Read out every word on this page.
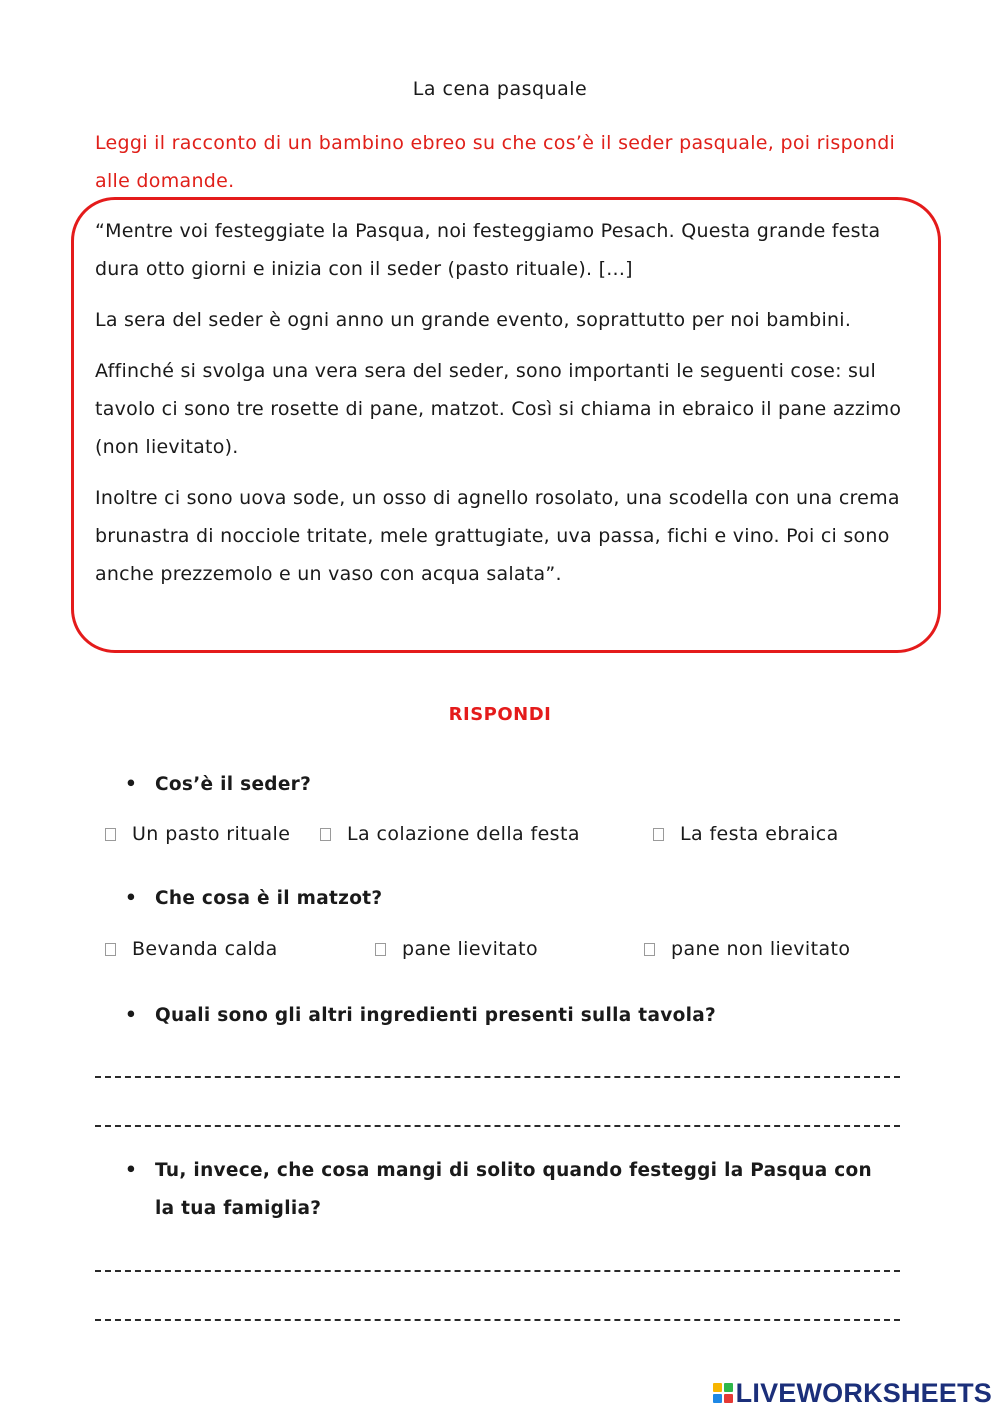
La cena pasquale
Leggi il racconto di un bambino ebreo su che cos’è il seder pasquale, poi rispondi alle domande.

“Mentre voi festeggiate la Pasqua, noi festeggiamo Pesach. Questa grande festa dura otto giorni e inizia con il seder (pasto rituale). [...]

La sera del seder è ogni anno un grande evento, soprattutto per noi bambini.

Affinché si svolga una vera sera del seder, sono importanti le seguenti cose: sul tavolo ci sono tre rosette di pane, matzot. Così si chiama in ebraico il pane azzimo (non lievitato).

Inoltre ci sono uova sode, un osso di agnello rosolato, una scodella con una crema brunastra di nocciole tritate, mele grattugiate, uva passa, fichi e vino. Poi ci sono anche prezzemolo e un vaso con acqua salata”.

RISPONDI
• Cos’è il seder?
Un pasto rituale	La colazione della festa	La festa ebraica
• Che cosa è il matzot?
Bevanda calda	pane lievitato	pane non lievitato
• Quali sono gli altri ingredienti presenti sulla tavola?
• Tu, invece, che cosa mangi di solito quando festeggi la Pasqua con la tua famiglia?
LIVEWORKSHEETS
